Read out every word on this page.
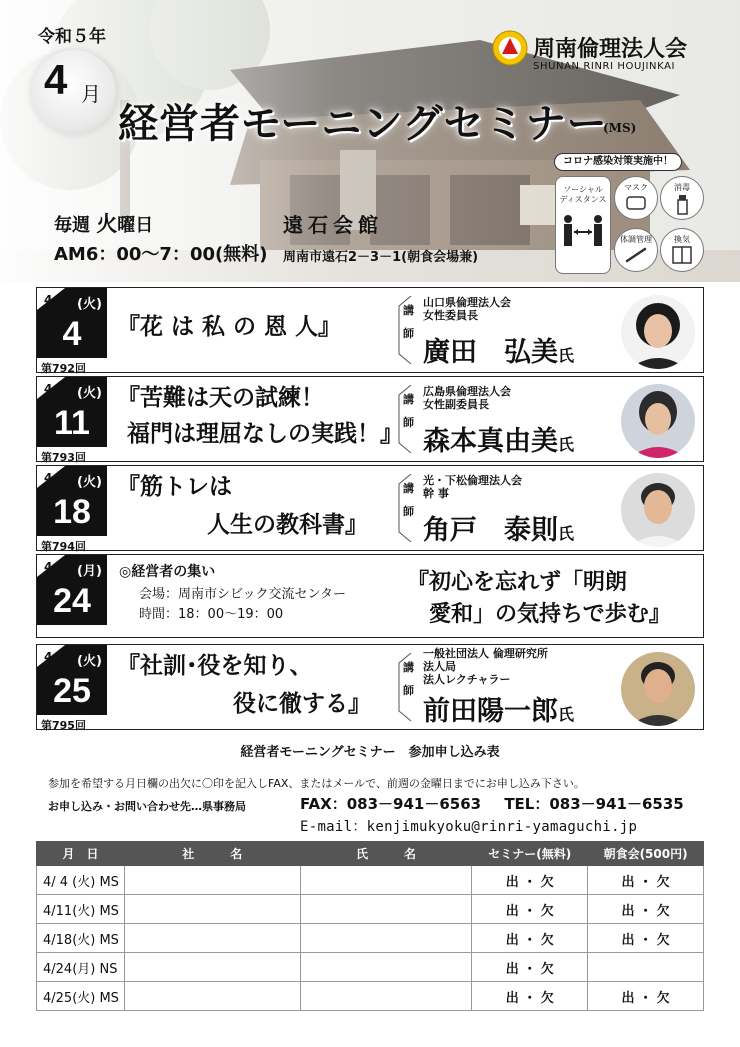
令和５年
4 月
周南倫理法人会
SHUNAN RINRI HOUJINKAI
経営者モーニングセミナー
(MS)
コロナ感染対策実施中！
ソーシャル
ディスタンス
マスク	消毒
体調管理	換気
毎週 火曜日
AM6：00～7：00(無料)
遠石会館
周南市遠石2－3－1(朝食会場兼)
4 (火)
4
第792回
『花 は 私 の 恩 人』
講
師
山口県倫理法人会
女性委員長
廣田　弘美氏
4 (火)
11
第793回
『苦難は天の試練！
福門は理屈なしの実践！』
講
師
広島県倫理法人会
女性副委員長
森本真由美氏
4 (火)
18
第794回
『筋トレは
人生の教科書』
講
師
光・下松倫理法人会
幹 事
角戸　泰則氏
4 (月)
24
◎経営者の集い
会場：周南市シビック交流センター
時間：18：00～19：00
『初心を忘れず「明朗
愛和」の気持ちで歩む』
4 (火)
25
第795回
『社訓･役を知り、
役に徹する』
講
師
一般社団法人 倫理研究所
法人局
法人レクチャラー
前田陽一郎氏
経営者モーニングセミナー　参加申し込み表
参加を希望する月日欄の出欠に〇印を記入しFAX、またはメールで、前週の金曜日までにお申し込み下さい。
お申し込み・お問い合わせ先…県事務局	FAX：083－941－6563 TEL：083－941－6535
E-mail：kenjimukyoku@rinri-yamaguchi.jp
月　日	社　　　名	氏　　　名	セミナー(無料)	朝食会(500円)
4/ 4 (火) MS			出 ・ 欠	出 ・ 欠
4/11(火) MS			出 ・ 欠	出 ・ 欠
4/18(火) MS			出 ・ 欠	出 ・ 欠
4/24(月) NS			出 ・ 欠	
4/25(火) MS			出 ・ 欠	出 ・ 欠
